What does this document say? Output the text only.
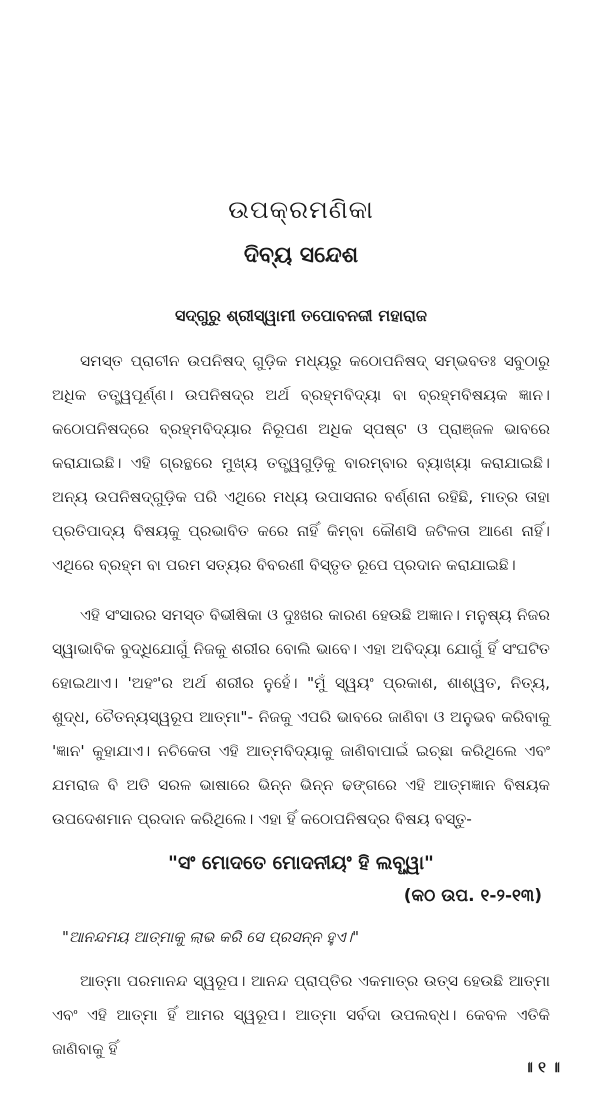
ଉପକ୍ରମଣିକା
ଦିବ୍ୟ ସନ୍ଦେଶ
ସଦ୍‌ଗୁରୁ ଶ୍ରୀସ୍ୱାମୀ ତପୋବନଜୀ ମହାରାଜ

ସମସ୍ତ ପ୍ରାଚୀନ ଉପନିଷଦ୍ ଗୁଡ଼ିକ ମଧ୍ୟରୁ କଠୋପନିଷଦ୍ ସମ୍ଭବତଃ ସବୁଠାରୁ ଅଧିକ ତତ୍ତ୍ୱପୂର୍ଣ୍ଣ। ଉପନିଷଦ୍‌ର ଅର୍ଥ ବ୍ରହ୍ମବିଦ୍ୟା ବା ବ୍ରହ୍ମବିଷୟକ ଜ୍ଞାନ। କଠୋପନିଷଦ୍‌ରେ ବ୍ରହ୍ମବିଦ୍ୟାର ନିରୂପଣ ଅଧିକ ସ୍ପଷ୍ଟ ଓ ପ୍ରାଞ୍ଜଳ ଭାବରେ କରାଯାଇଛି। ଏହି ଗ୍ରନ୍ଥରେ ମୁଖ୍ୟ ତତ୍ତ୍ୱଗୁଡ଼ିକୁ ବାରମ୍ବାର ବ୍ୟାଖ୍ୟା କରାଯାଇଛି। ଅନ୍ୟ ଉପନିଷଦ୍‌ଗୁଡ଼ିକ ପରି ଏଥିରେ ମଧ୍ୟ ଉପାସନାର ବର୍ଣ୍ଣନା ରହିଛି, ମାତ୍ର ତାହା ପ୍ରତିପାଦ୍ୟ ବିଷୟକୁ ପ୍ରଭାବିତ କରେ ନାହିଁ କିମ୍ବା କୌଣସି ଜଟିଳତା ଆଣେ ନାହିଁ। ଏଥିରେ ବ୍ରହ୍ମ ବା ପରମ ସତ୍ୟର ବିବରଣୀ ବିସ୍ତୃତ ରୂପେ ପ୍ରଦାନ କରାଯାଇଛି।

ଏହି ସଂସାରର ସମସ୍ତ ବିଭୀଷିକା ଓ ଦୁଃଖର କାରଣ ହେଉଛି ଅଜ୍ଞାନ। ମନୁଷ୍ୟ ନିଜର ସ୍ୱାଭାବିକ ବୁଦ୍ଧିଯୋଗୁଁ ନିଜକୁ ଶରୀର ବୋଲି ଭାବେ। ଏହା ଅବିଦ୍ୟା ଯୋଗୁଁ ହିଁ ସଂଘଟିତ ହୋଇଥାଏ। 'ଅହଂ'ର ଅର୍ଥ ଶରୀର ନୁହେଁ। "ମୁଁ ସ୍ୱୟଂ ପ୍ରକାଶ, ଶାଶ୍ୱତ, ନିତ୍ୟ, ଶୁଦ୍ଧ, ଚୈତନ୍ୟସ୍ୱରୂପ ଆତ୍ମା"- ନିଜକୁ ଏପରି ଭାବରେ ଜାଣିବା ଓ ଅନୁଭବ କରିବାକୁ 'ଜ୍ଞାନ' କୁହାଯାଏ। ନଚିକେତା ଏହି ଆତ୍ମବିଦ୍ୟାକୁ ଜାଣିବାପାଇଁ ଇଚ୍ଛା କରିଥିଲେ ଏବଂ ଯମରାଜ ବି ଅତି ସରଳ ଭାଷାରେ ଭିନ୍ନ ଭିନ୍ନ ଢଙ୍ଗରେ ଏହି ଆତ୍ମଜ୍ଞାନ ବିଷୟକ ଉପଦେଶମାନ ପ୍ରଦାନ କରିଥିଲେ। ଏହା ହିଁ କଠୋପନିଷଦ୍‌ର ବିଷୟ ବସ୍ତୁ-

"ସଂ ମୋଦତେ ମୋଦନୀୟଂ ହି ଲବ୍ଧ୍ୱା"
(କଠ ଉପ. ୧-୨-୧୩)
"ଆନନ୍ଦମୟ ଆତ୍ମାକୁ ଲାଭ କରି ସେ ପ୍ରସନ୍ନ ହୁଏ।"

ଆତ୍ମା ପରମାନନ୍ଦ ସ୍ୱରୂପ। ଆନନ୍ଦ ପ୍ରାପ୍ତିର ଏକମାତ୍ର ଉତ୍ସ ହେଉଛି ଆତ୍ମା ଏବଂ ଏହି ଆତ୍ମା ହିଁ ଆମର ସ୍ୱରୂପ। ଆତ୍ମା ସର୍ବଦା ଉପଲବ୍ଧ। କେବଳ ଏତିକି ଜାଣିବାକୁ ହିଁ

॥ ୧ ॥
